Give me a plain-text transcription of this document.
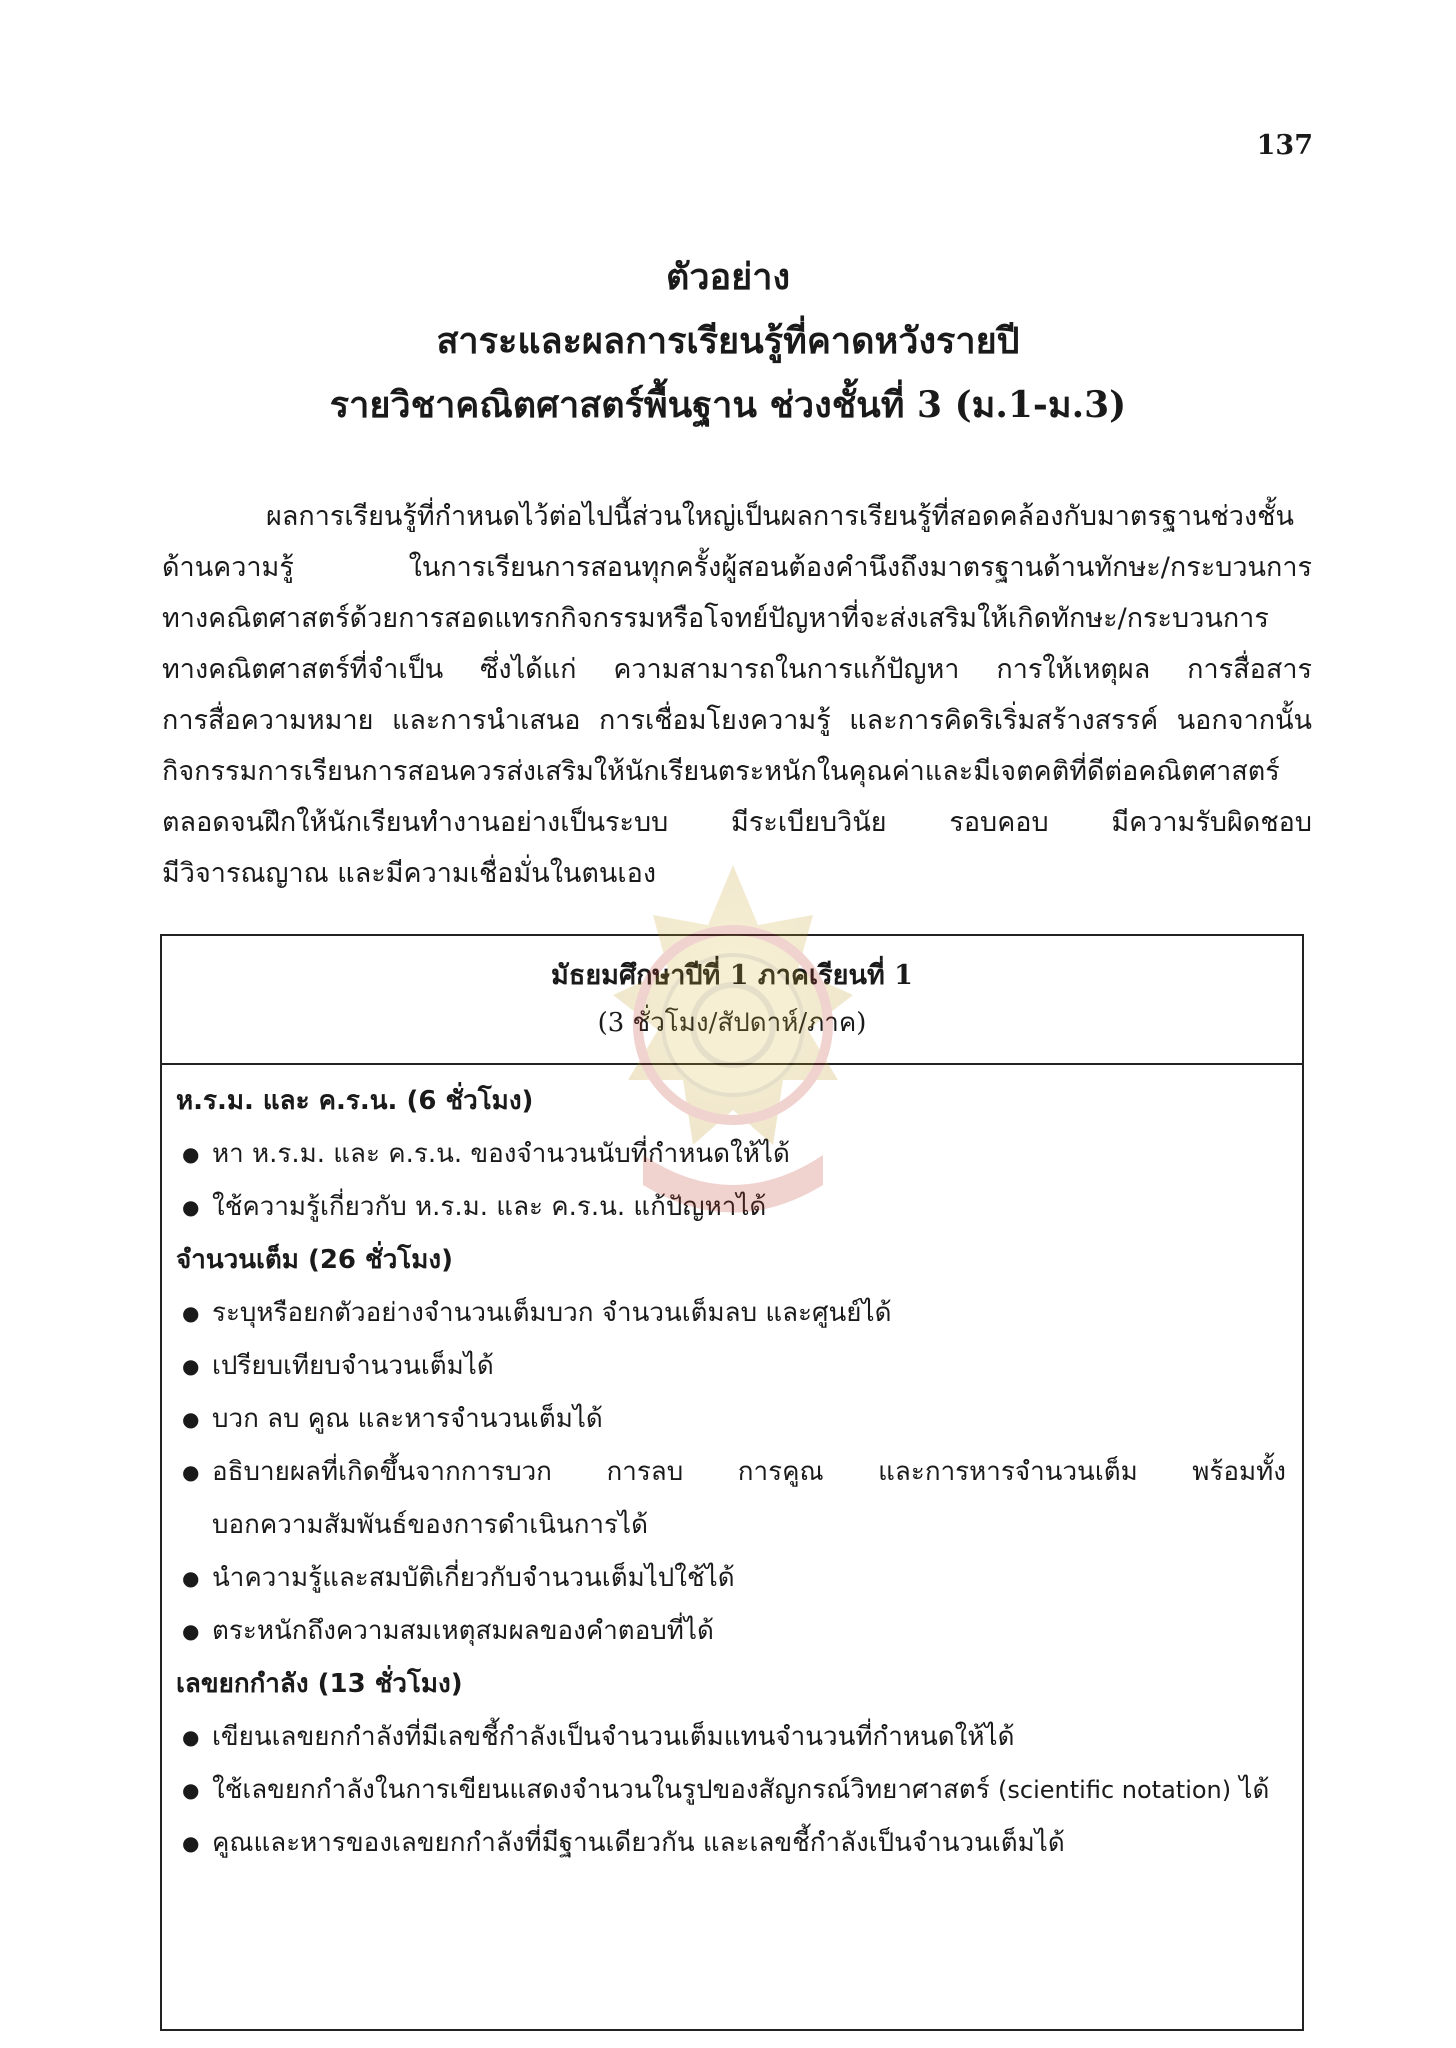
137
ตัวอย่าง
สาระและผลการเรียนรู้ที่คาดหวังรายปี
รายวิชาคณิตศาสตร์พื้นฐาน ช่วงชั้นที่ 3 (ม.1-ม.3)
ผลการเรียนรู้ที่กำหนดไว้ต่อไปนี้ส่วนใหญ่เป็นผลการเรียนรู้ที่สอดคล้องกับมาตรฐานช่วงชั้น
ด้านความรู้ ในการเรียนการสอนทุกครั้งผู้สอนต้องคำนึงถึงมาตรฐานด้านทักษะ/กระบวนการ
ทางคณิตศาสตร์ด้วยการสอดแทรกกิจกรรมหรือโจทย์ปัญหาที่จะส่งเสริมให้เกิดทักษะ/กระบวนการ
ทางคณิตศาสตร์ที่จำเป็น ซึ่งได้แก่ ความสามารถในการแก้ปัญหา การให้เหตุผล การสื่อสาร
การสื่อความหมาย และการนำเสนอ การเชื่อมโยงความรู้ และการคิดริเริ่มสร้างสรรค์ นอกจากนั้น
กิจกรรมการเรียนการสอนควรส่งเสริมให้นักเรียนตระหนักในคุณค่าและมีเจตคติที่ดีต่อคณิตศาสตร์
ตลอดจนฝึกให้นักเรียนทำงานอย่างเป็นระบบ มีระเบียบวินัย รอบคอบ มีความรับผิดชอบ
มีวิจารณญาณ และมีความเชื่อมั่นในตนเอง
มัธยมศึกษาปีที่ 1 ภาคเรียนที่ 1
(3 ชั่วโมง/สัปดาห์/ภาค)
ห.ร.ม. และ ค.ร.น. (6 ชั่วโมง)
● หา ห.ร.ม. และ ค.ร.น. ของจำนวนนับที่กำหนดให้ได้
● ใช้ความรู้เกี่ยวกับ ห.ร.ม. และ ค.ร.น. แก้ปัญหาได้
จำนวนเต็ม (26 ชั่วโมง)
● ระบุหรือยกตัวอย่างจำนวนเต็มบวก จำนวนเต็มลบ และศูนย์ได้
● เปรียบเทียบจำนวนเต็มได้
● บวก ลบ คูณ และหารจำนวนเต็มได้
● อธิบายผลที่เกิดขึ้นจากการบวก การลบ การคูณ และการหารจำนวนเต็ม พร้อมทั้ง
บอกความสัมพันธ์ของการดำเนินการได้
● นำความรู้และสมบัติเกี่ยวกับจำนวนเต็มไปใช้ได้
● ตระหนักถึงความสมเหตุสมผลของคำตอบที่ได้
เลขยกกำลัง (13 ชั่วโมง)
● เขียนเลขยกกำลังที่มีเลขชี้กำลังเป็นจำนวนเต็มแทนจำนวนที่กำหนดให้ได้
● ใช้เลขยกกำลังในการเขียนแสดงจำนวนในรูปของสัญกรณ์วิทยาศาสตร์ (scientific notation) ได้
● คูณและหารของเลขยกกำลังที่มีฐานเดียวกัน และเลขชี้กำลังเป็นจำนวนเต็มได้
